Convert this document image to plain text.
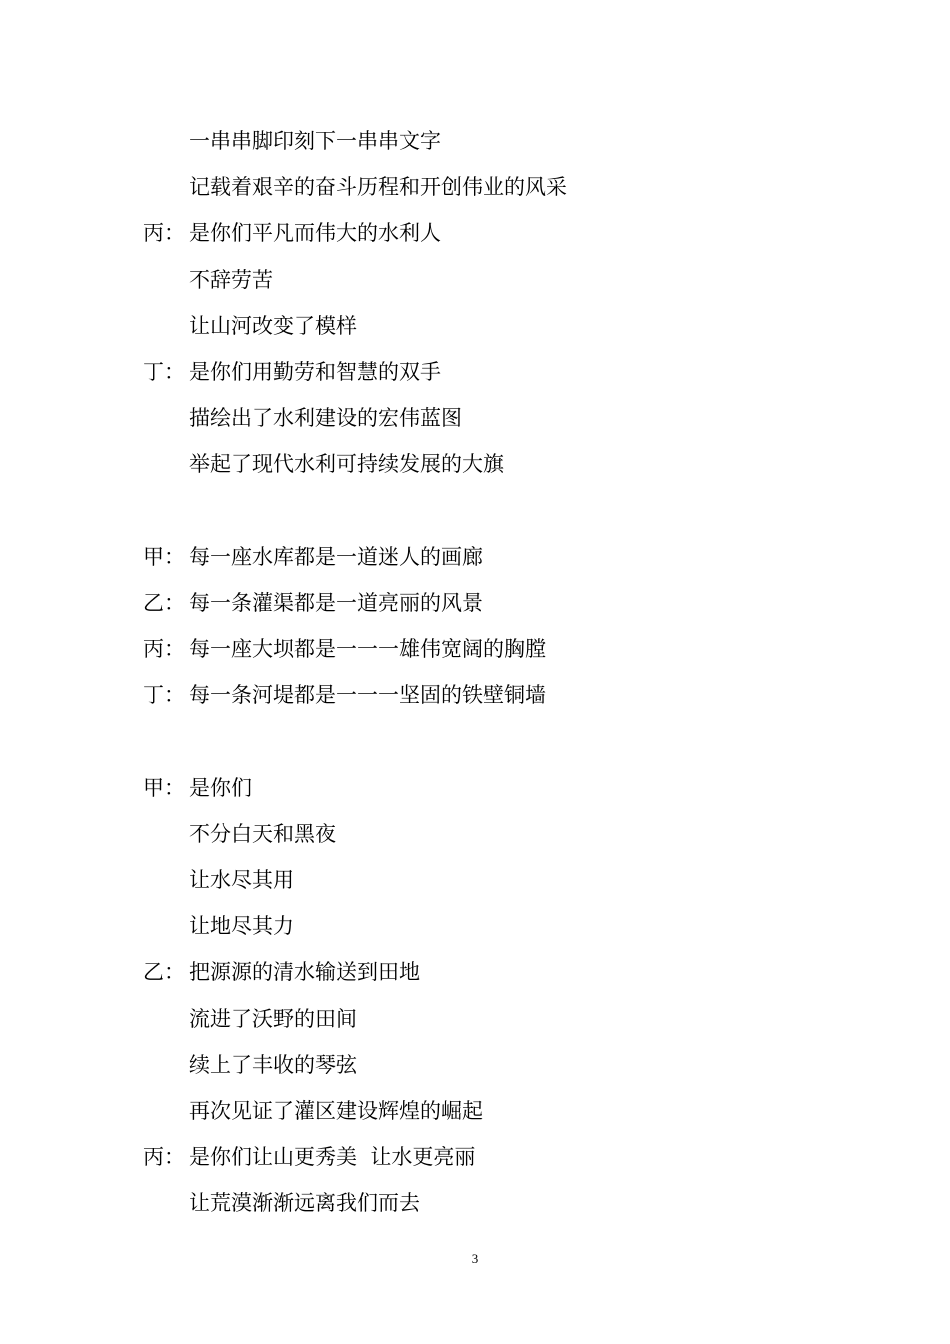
一串串脚印刻下一串串文字
记载着艰辛的奋斗历程和开创伟业的风采
丙： 是你们平凡而伟大的水利人
不辞劳苦
让山河改变了模样
丁： 是你们用勤劳和智慧的双手
描绘出了水利建设的宏伟蓝图
举起了现代水利可持续发展的大旗
甲： 每一座水库都是一道迷人的画廊
乙： 每一条灌渠都是一道亮丽的风景
丙： 每一座大坝都是一一一雄伟宽阔的胸膛
丁： 每一条河堤都是一一一坚固的铁壁铜墙
甲： 是你们
不分白天和黑夜
让水尽其用
让地尽其力
乙： 把源源的清水输送到田地
流进了沃野的田间
续上了丰收的琴弦
再次见证了灌区建设辉煌的崛起
丙： 是你们让山更秀美  让水更亮丽
让荒漠渐渐远离我们而去
3
